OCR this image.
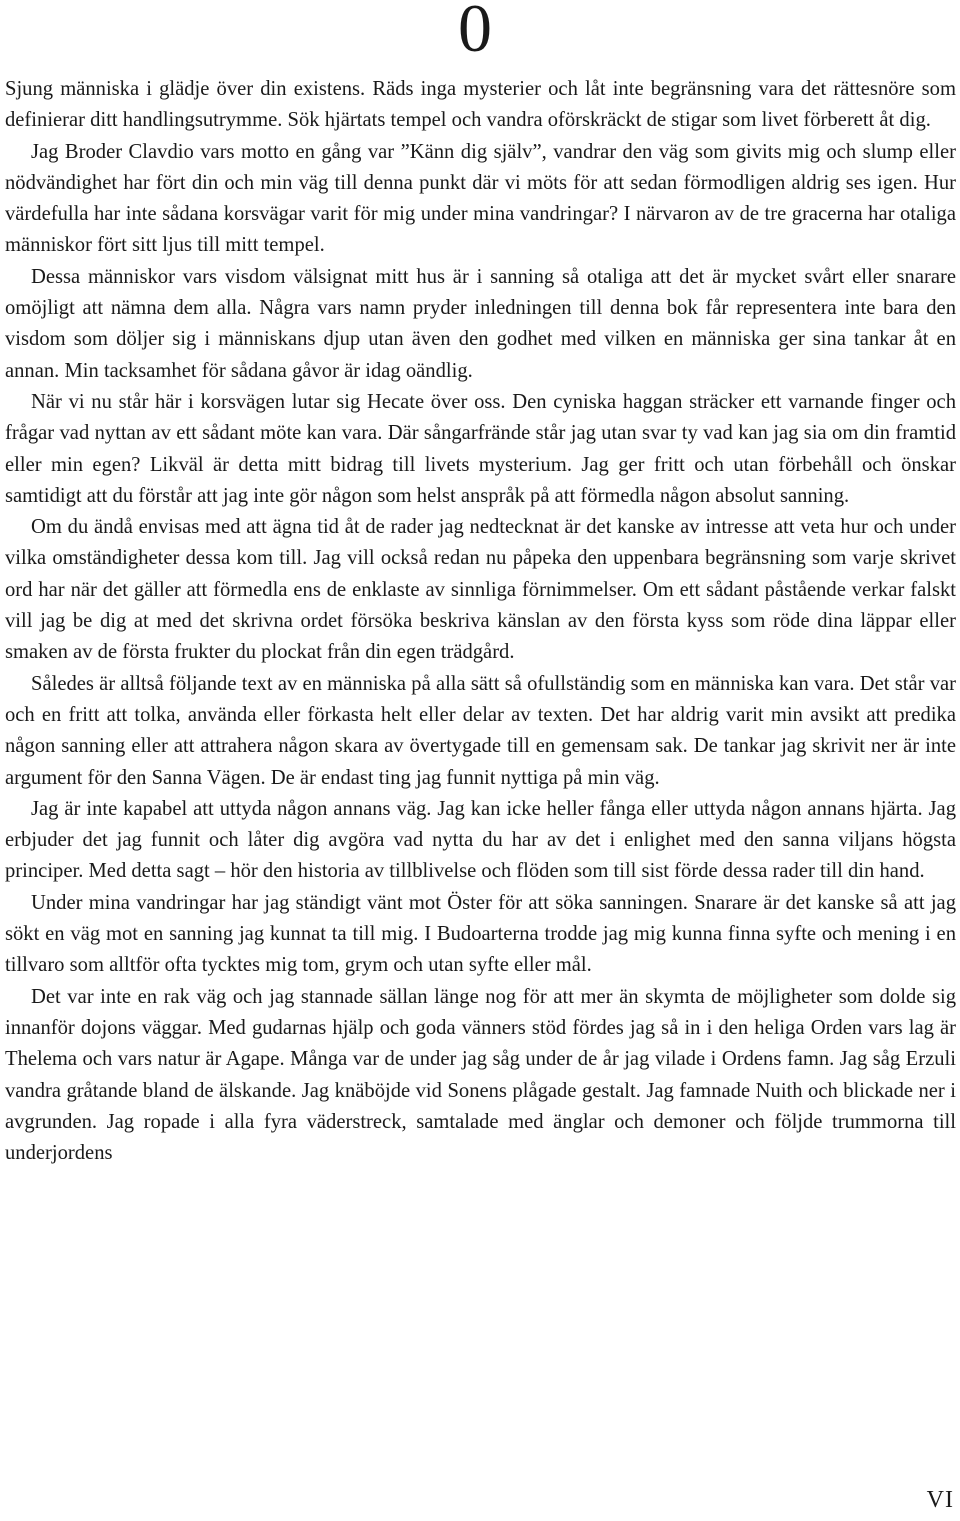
0

Sjung människa i glädje över din existens. Räds inga mysterier och låt inte begränsning vara det rättesnöre som definierar ditt handlingsutrymme. Sök hjärtats tempel och vandra oförskräckt de stigar som livet förberett åt dig.

Jag Broder Clavdio vars motto en gång var ”Känn dig själv”, vandrar den väg som givits mig och slump eller nödvändighet har fört din och min väg till denna punkt där vi möts för att sedan förmodligen aldrig ses igen. Hur värdefulla har inte sådana korsvägar varit för mig under mina vandringar? I närvaron av de tre gracerna har otaliga människor fört sitt ljus till mitt tempel.

Dessa människor vars visdom välsignat mitt hus är i sanning så otaliga att det är mycket svårt eller snarare omöjligt att nämna dem alla. Några vars namn pryder inledningen till denna bok får representera inte bara den visdom som döljer sig i människans djup utan även den godhet med vilken en människa ger sina tankar åt en annan. Min tacksamhet för sådana gåvor är idag oändlig.

När vi nu står här i korsvägen lutar sig Hecate över oss. Den cyniska haggan sträcker ett varnande finger och frågar vad nyttan av ett sådant möte kan vara. Där sångarfrände står jag utan svar ty vad kan jag sia om din framtid eller min egen? Likväl är detta mitt bidrag till livets mysterium. Jag ger fritt och utan förbehåll och önskar samtidigt att du förstår att jag inte gör någon som helst anspråk på att förmedla någon absolut sanning.

Om du ändå envisas med att ägna tid åt de rader jag nedtecknat är det kanske av intresse att veta hur och under vilka omständigheter dessa kom till. Jag vill också redan nu påpeka den uppenbara begränsning som varje skrivet ord har när det gäller att förmedla ens de enklaste av sinnliga förnimmelser. Om ett sådant påstående verkar falskt vill jag be dig at med det skrivna ordet försöka beskriva känslan av den första kyss som röde dina läppar eller smaken av de första frukter du plockat från din egen trädgård.

Således är alltså följande text av en människa på alla sätt så ofullständig som en människa kan vara. Det står var och en fritt att tolka, använda eller förkasta helt eller delar av texten. Det har aldrig varit min avsikt att predika någon sanning eller att attrahera någon skara av övertygade till en gemensam sak. De tankar jag skrivit ner är inte argument för den Sanna Vägen. De är endast ting jag funnit nyttiga på min väg.

Jag är inte kapabel att uttyda någon annans väg. Jag kan icke heller fånga eller uttyda någon annans hjärta. Jag erbjuder det jag funnit och låter dig avgöra vad nytta du har av det i enlighet med den sanna viljans högsta principer. Med detta sagt – hör den historia av tillblivelse och flöden som till sist förde dessa rader till din hand.

Under mina vandringar har jag ständigt vänt mot Öster för att söka sanningen. Snarare är det kanske så att jag sökt en väg mot en sanning jag kunnat ta till mig. I Budoarterna trodde jag mig kunna finna syfte och mening i en tillvaro som alltför ofta tycktes mig tom, grym och utan syfte eller mål.

Det var inte en rak väg och jag stannade sällan länge nog för att mer än skymta de möjligheter som dolde sig innanför dojons väggar. Med gudarnas hjälp och goda vänners stöd fördes jag så in i den heliga Orden vars lag är Thelema och vars natur är Agape. Många var de under jag såg under de år jag vilade i Ordens famn. Jag såg Erzuli vandra gråtande bland de älskande. Jag knäböjde vid Sonens plågade gestalt. Jag famnade Nuith och blickade ner i avgrunden. Jag ropade i alla fyra väderstreck, samtalade med änglar och demoner och följde trummorna till underjordens

VI
